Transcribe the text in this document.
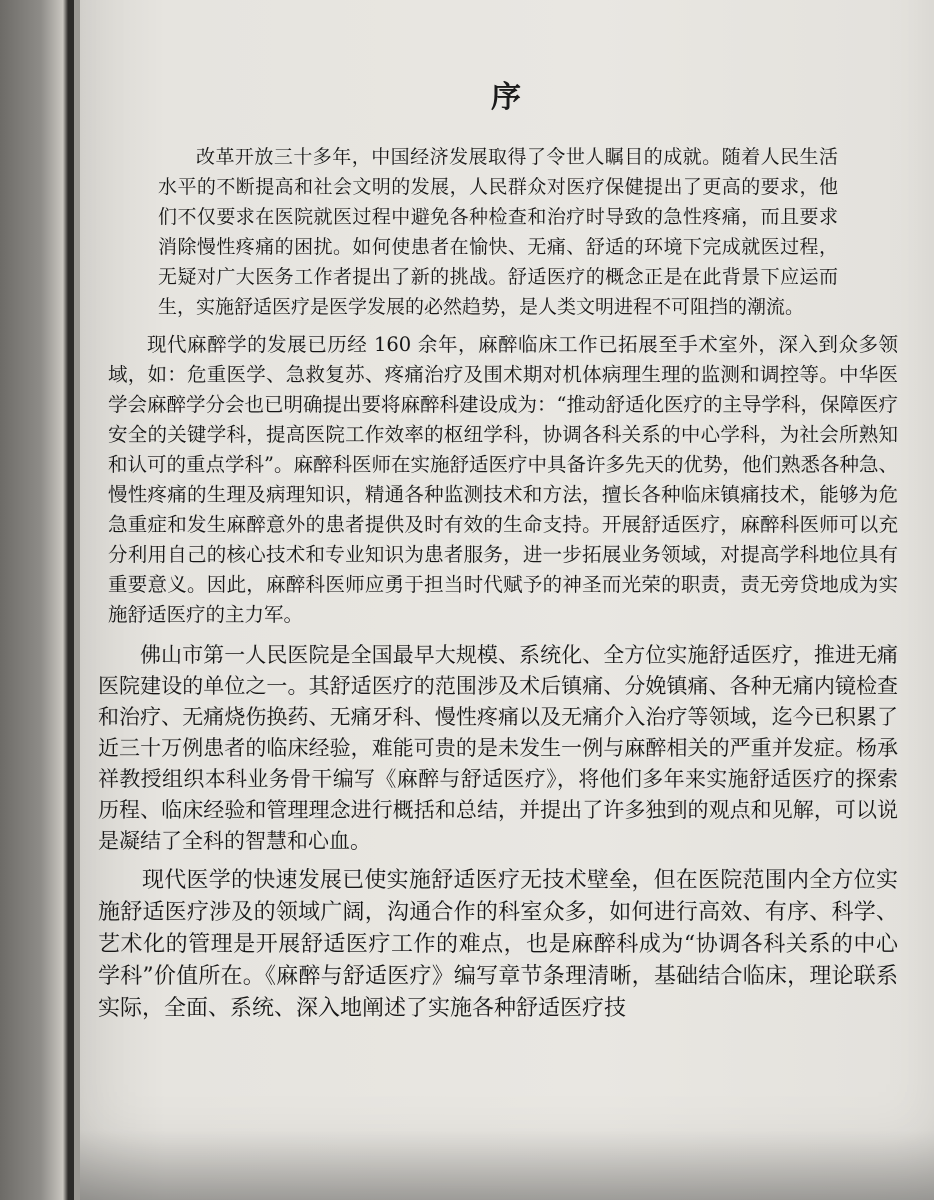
序

改革开放三十多年，中国经济发展取得了令世人瞩目的成就。随着人民生活水平的不断提高和社会文明的发展，人民群众对医疗保健提出了更高的要求，他们不仅要求在医院就医过程中避免各种检查和治疗时导致的急性疼痛，而且要求消除慢性疼痛的困扰。如何使患者在愉快、无痛、舒适的环境下完成就医过程，无疑对广大医务工作者提出了新的挑战。舒适医疗的概念正是在此背景下应运而生，实施舒适医疗是医学发展的必然趋势，是人类文明进程不可阻挡的潮流。

现代麻醉学的发展已历经 160 余年，麻醉临床工作已拓展至手术室外，深入到众多领域，如：危重医学、急救复苏、疼痛治疗及围术期对机体病理生理的监测和调控等。中华医学会麻醉学分会也已明确提出要将麻醉科建设成为：“推动舒适化医疗的主导学科，保障医疗安全的关键学科，提高医院工作效率的枢纽学科，协调各科关系的中心学科，为社会所熟知和认可的重点学科”。麻醉科医师在实施舒适医疗中具备许多先天的优势，他们熟悉各种急、慢性疼痛的生理及病理知识，精通各种监测技术和方法，擅长各种临床镇痛技术，能够为危急重症和发生麻醉意外的患者提供及时有效的生命支持。开展舒适医疗，麻醉科医师可以充分利用自己的核心技术和专业知识为患者服务，进一步拓展业务领域，对提高学科地位具有重要意义。因此，麻醉科医师应勇于担当时代赋予的神圣而光荣的职责，责无旁贷地成为实施舒适医疗的主力军。

佛山市第一人民医院是全国最早大规模、系统化、全方位实施舒适医疗，推进无痛医院建设的单位之一。其舒适医疗的范围涉及术后镇痛、分娩镇痛、各种无痛内镜检查和治疗、无痛烧伤换药、无痛牙科、慢性疼痛以及无痛介入治疗等领域，迄今已积累了近三十万例患者的临床经验，难能可贵的是未发生一例与麻醉相关的严重并发症。杨承祥教授组织本科业务骨干编写《麻醉与舒适医疗》，将他们多年来实施舒适医疗的探索历程、临床经验和管理理念进行概括和总结，并提出了许多独到的观点和见解，可以说是凝结了全科的智慧和心血。

现代医学的快速发展已使实施舒适医疗无技术壁垒，但在医院范围内全方位实施舒适医疗涉及的领域广阔，沟通合作的科室众多，如何进行高效、有序、科学、艺术化的管理是开展舒适医疗工作的难点，也是麻醉科成为“协调各科关系的中心学科”价值所在。《麻醉与舒适医疗》编写章节条理清晰，基础结合临床，理论联系实际，全面、系统、深入地阐述了实施各种舒适医疗技
